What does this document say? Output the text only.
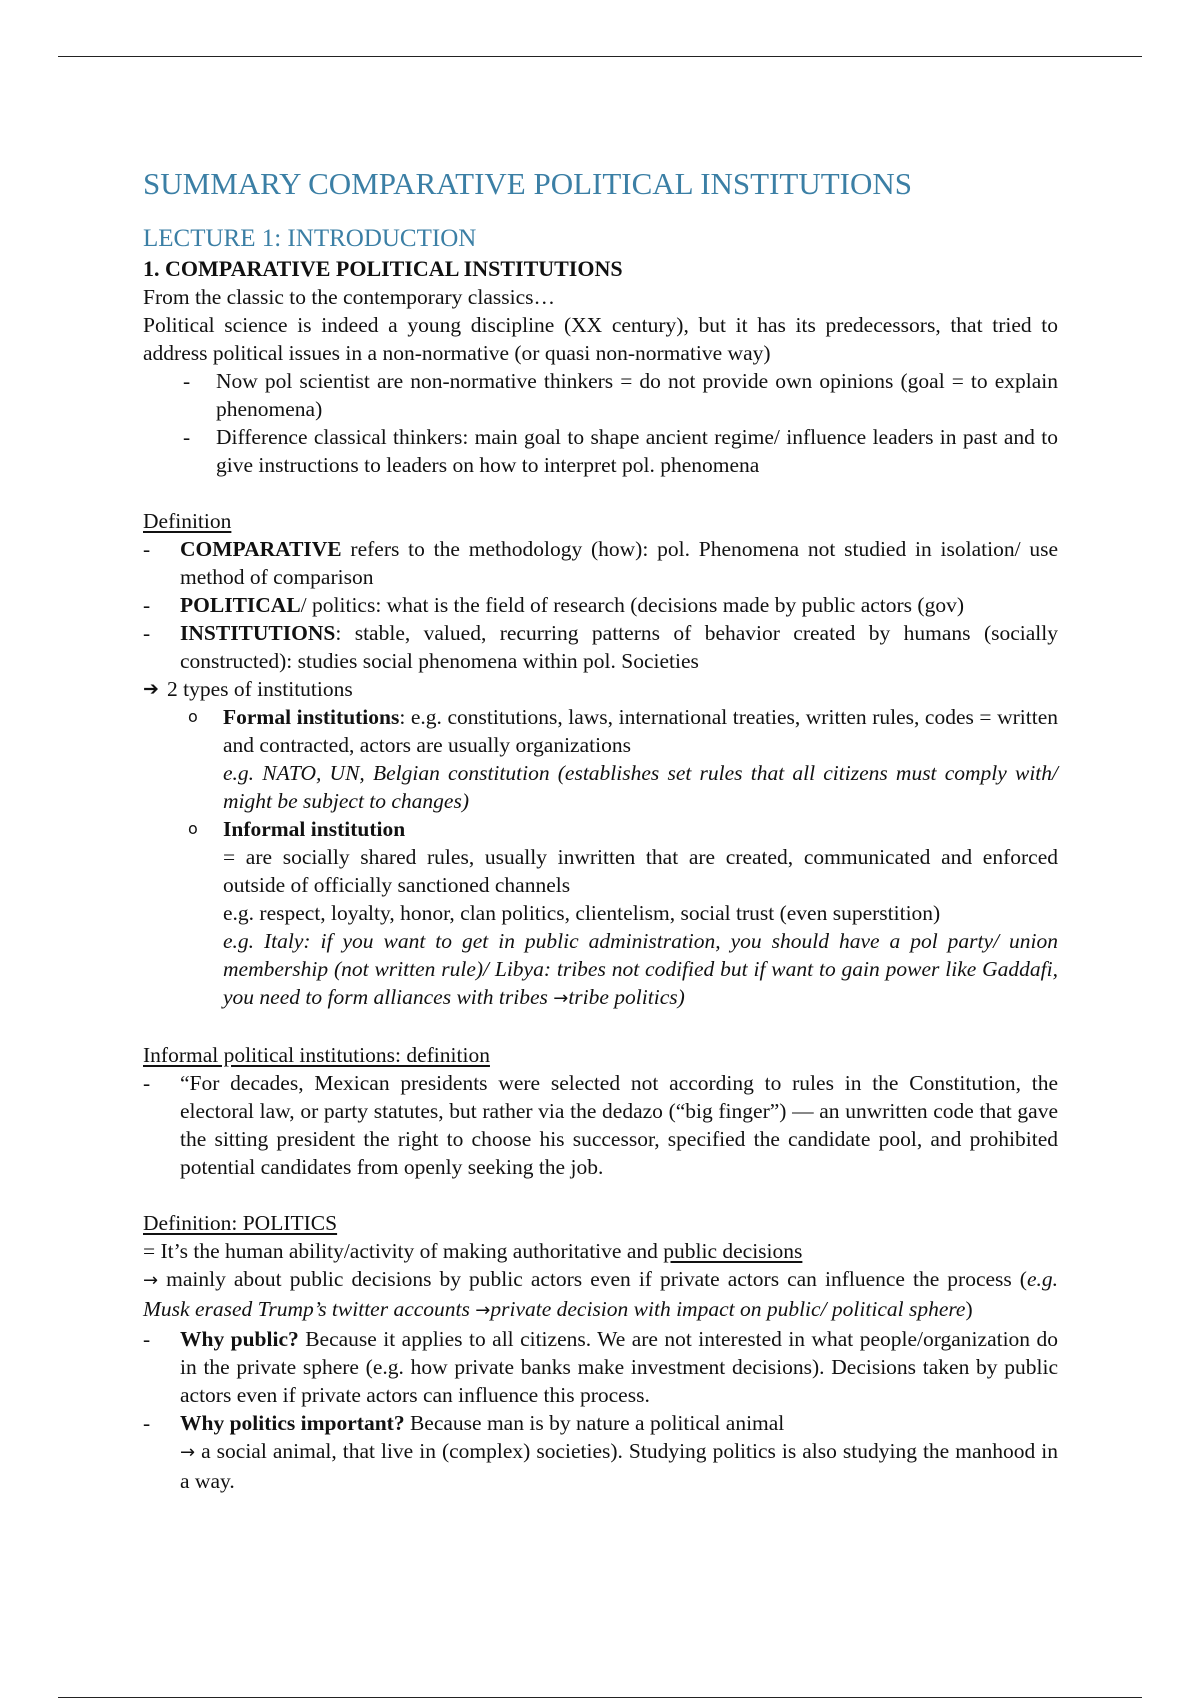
SUMMARY COMPARATIVE POLITICAL INSTITUTIONS
LECTURE 1: INTRODUCTION

1. COMPARATIVE POLITICAL INSTITUTIONS

From the classic to the contemporary classics…

Political science is indeed a young discipline (XX century), but it has its predecessors, that tried to address political issues in a non-normative (or quasi non-normative way)

- Now pol scientist are non-normative thinkers = do not provide own opinions (goal = to explain phenomena)
- Difference classical thinkers: main goal to shape ancient regime/ influence leaders in past and to give instructions to leaders on how to interpret pol. phenomena

Definition

- COMPARATIVE refers to the methodology (how): pol. Phenomena not studied in isolation/ use method of comparison
- POLITICAL/ politics: what is the field of research (decisions made by public actors (gov)
- INSTITUTIONS: stable, valued, recurring patterns of behavior created by humans (socially constructed): studies social phenomena within pol. Societies

➔ 2 types of institutions

o Formal institutions: e.g. constitutions, laws, international treaties, written rules, codes = written and contracted, actors are usually organizations
e.g. NATO, UN, Belgian constitution (establishes set rules that all citizens must comply with/ might be subject to changes)
o Informal institution

= are socially shared rules, usually inwritten that are created, communicated and enforced outside of officially sanctioned channels

e.g. respect, loyalty, honor, clan politics, clientelism, social trust (even superstition)

e.g. Italy: if you want to get in public administration, you should have a pol party/ union membership (not written rule)/ Libya: tribes not codified but if want to gain power like Gaddafi, you need to form alliances with tribes →tribe politics)

Informal political institutions: definition

- “For decades, Mexican presidents were selected not according to rules in the Constitution, the electoral law, or party statutes, but rather via the dedazo (“big finger”) — an unwritten code that gave the sitting president the right to choose his successor, specified the candidate pool, and prohibited potential candidates from openly seeking the job.

Definition: POLITICS

= It’s the human ability/activity of making authoritative and public decisions

→ mainly about public decisions by public actors even if private actors can influence the process (e.g. Musk erased Trump’s twitter accounts →private decision with impact on public/ political sphere)

- Why public? Because it applies to all citizens. We are not interested in what people/organization do in the private sphere (e.g. how private banks make investment decisions). Decisions taken by public actors even if private actors can influence this process.
- Why politics important? Because man is by nature a political animal

→ a social animal, that live in (complex) societies). Studying politics is also studying the manhood in a way.
